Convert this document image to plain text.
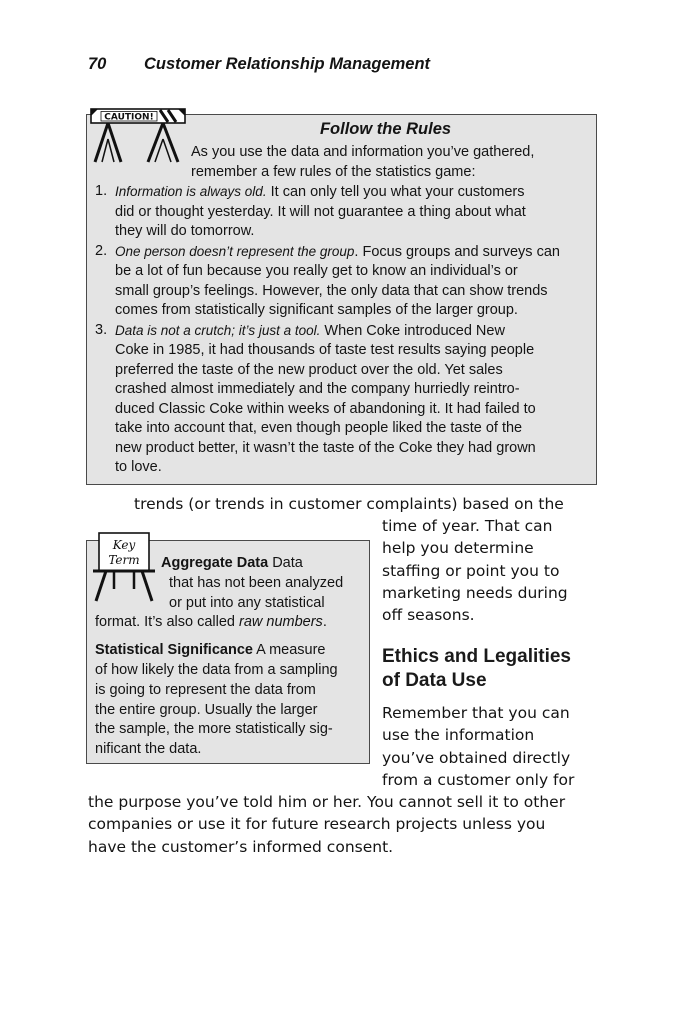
70 Customer Relationship Management
CAUTION!
Follow the Rules
As you use the data and information you’ve gathered,
remember a few rules of the statistics game:
1. Information is always old. It can only tell you what your customers
did or thought yesterday. It will not guarantee a thing about what
they will do tomorrow.
2. One person doesn’t represent the group. Focus groups and surveys can
be a lot of fun because you really get to know an individual’s or
small group’s feelings. However, the only data that can show trends
comes from statistically significant samples of the larger group.
3. Data is not a crutch; it’s just a tool. When Coke introduced New
Coke in 1985, it had thousands of taste test results saying people
preferred the taste of the new product over the old. Yet sales
crashed almost immediately and the company hurriedly reintro-
duced Classic Coke within weeks of abandoning it. It had failed to
take into account that, even though people liked the taste of the
new product better, it wasn’t the taste of the Coke they had grown
to love.
trends (or trends in customer complaints) based on the

time of year. That can

help you determine

staffing or point you to

marketing needs during

off seasons.

Ethics and Legalities
of Data Use

Remember that you can

use the information

you’ve obtained directly

from a customer only for

the purpose you’ve told him or her. You cannot sell it to other

companies or use it for future research projects unless you

have the customer’s informed consent.

Key
Term	Aggregate Data Data
that has not been analyzed
or put into any statistical
format. It’s also called raw numbers.
Statistical Significance A measure
of how likely the data from a sampling
is going to represent the data from
the entire group. Usually the larger
the sample, the more statistically sig-
nificant the data.
